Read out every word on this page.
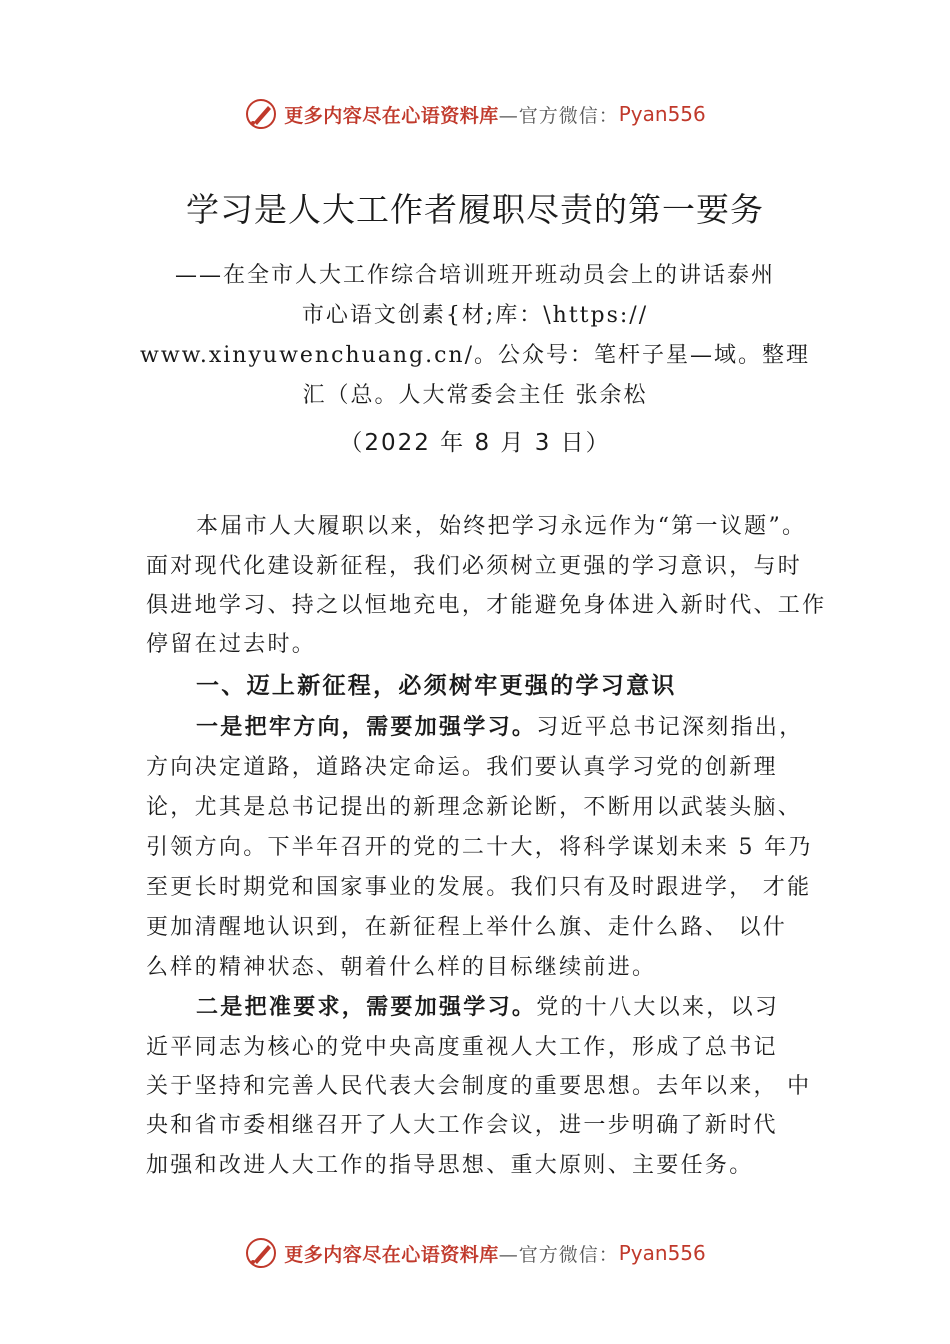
更多内容尽在心语资料库 —官方微信： Pyan556
学习是人大工作者履职尽责的第一要务
——在全市人大工作综合培训班开班动员会上的讲话泰州
市心语文创素{材;库：\https://
www.xinyuwenchuang.cn/。公众号：笔杆子星—域。整理
汇（总。人大常委会主任 张余松
（2022 年 8 月 3 日）
本届市人大履职以来，始终把学习永远作为“第一议题”。
面对现代化建设新征程，我们必须树立更强的学习意识，与时
俱进地学习、持之以恒地充电，才能避免身体进入新时代、工作
停留在过去时。
一、迈上新征程，必须树牢更强的学习意识
一是把牢方向，需要加强学习。习近平总书记深刻指出，
方向决定道路，道路决定命运。我们要认真学习党的创新理
论，尤其是总书记提出的新理念新论断，不断用以武装头脑、
引领方向。下半年召开的党的二十大，将科学谋划未来 5 年乃
至更长时期党和国家事业的发展。我们只有及时跟进学， 才能
更加清醒地认识到，在新征程上举什么旗、走什么路、 以什
么样的精神状态、朝着什么样的目标继续前进。
二是把准要求，需要加强学习。党的十八大以来，以习
近平同志为核心的党中央高度重视人大工作，形成了总书记
关于坚持和完善人民代表大会制度的重要思想。去年以来， 中
央和省市委相继召开了人大工作会议，进一步明确了新时代
加强和改进人大工作的指导思想、重大原则、主要任务。
更多内容尽在心语资料库 —官方微信： Pyan556
